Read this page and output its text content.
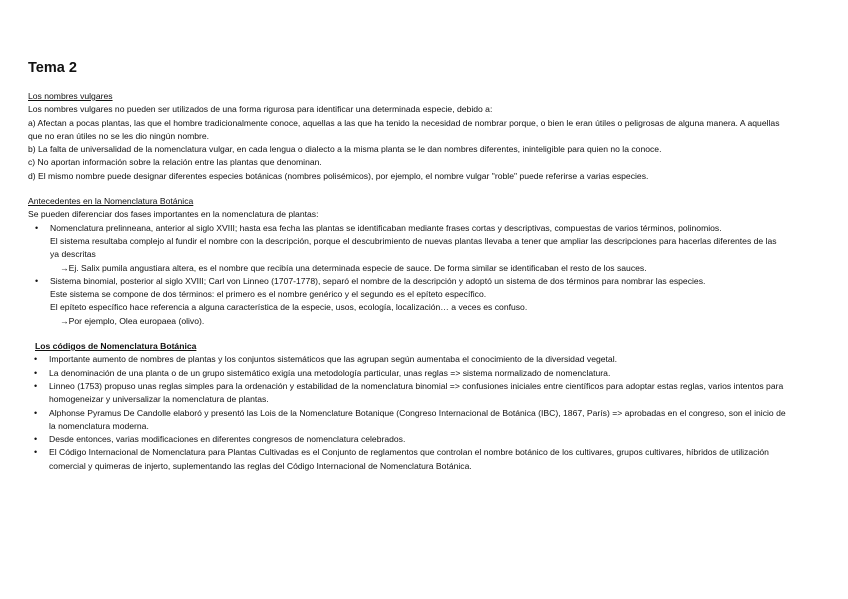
Tema 2
Los nombres vulgares

Los nombres vulgares no pueden ser utilizados de una forma rigurosa para identificar una determinada especie, debido a:

a) Afectan a pocas plantas, las que el hombre tradicionalmente conoce, aquellas a las que ha tenido la necesidad de nombrar porque, o bien le eran útiles o peligrosas de alguna manera. A aquellas que no eran útiles no se les dio ningún nombre.

b) La falta de universalidad de la nomenclatura vulgar, en cada lengua o dialecto a la misma planta se le dan nombres diferentes, ininteligible para quien no la conoce.

c) No aportan información sobre la relación entre las plantas que denominan.

d) El mismo nombre puede designar diferentes especies botánicas (nombres polisémicos), por ejemplo, el nombre vulgar "roble" puede referirse a varias especies.

Antecedentes en la Nomenclatura Botánica

Se pueden diferenciar dos fases importantes en la nomenclatura de plantas:

• Nomenclatura prelinneana, anterior al siglo XVIII; hasta esa fecha las plantas se identificaban mediante frases cortas y descriptivas, compuestas de varios términos, polinomios.

El sistema resultaba complejo al fundir el nombre con la descripción, porque el descubrimiento de nuevas plantas llevaba a tener que ampliar las descripciones para hacerlas diferentes de las ya descritas

→Ej. Salix pumila angustiara altera, es el nombre que recibía una determinada especie de sauce. De forma similar se identificaban el resto de los sauces.

• Sistema binomial, posterior al siglo XVIII; Carl von Linneo (1707-1778), separó el nombre de la descripción y adoptó un sistema de dos términos para nombrar las especies.

Este sistema se compone de dos términos: el primero es el nombre genérico y el segundo es el epíteto específico.

El epíteto específico hace referencia a alguna característica de la especie, usos, ecología, localización… a veces es confuso.

→Por ejemplo, Olea europaea (olivo).

Los códigos de Nomenclatura Botánica
• Importante aumento de nombres de plantas y los conjuntos sistemáticos que las agrupan según aumentaba el conocimiento de la diversidad vegetal.
• La denominación de una planta o de un grupo sistemático exigía una metodología particular, unas reglas => sistema normalizado de nomenclatura.
• Linneo (1753) propuso unas reglas simples para la ordenación y estabilidad de la nomenclatura binomial => confusiones iniciales entre científicos para adoptar estas reglas, varios intentos para homogeneizar y universalizar la nomenclatura de plantas.
• Alphonse Pyramus De Candolle elaboró y presentó las Lois de la Nomenclature Botanique (Congreso Internacional de Botánica (IBC), 1867, París) => aprobadas en el congreso, son el inicio de la nomenclatura moderna.
• Desde entonces, varias modificaciones en diferentes congresos de nomenclatura celebrados.
• El Código Internacional de Nomenclatura para Plantas Cultivadas es el Conjunto de reglamentos que controlan el nombre botánico de los cultivares, grupos cultivares, híbridos de utilización comercial y quimeras de injerto, suplementando las reglas del Código Internacional de Nomenclatura Botánica.
